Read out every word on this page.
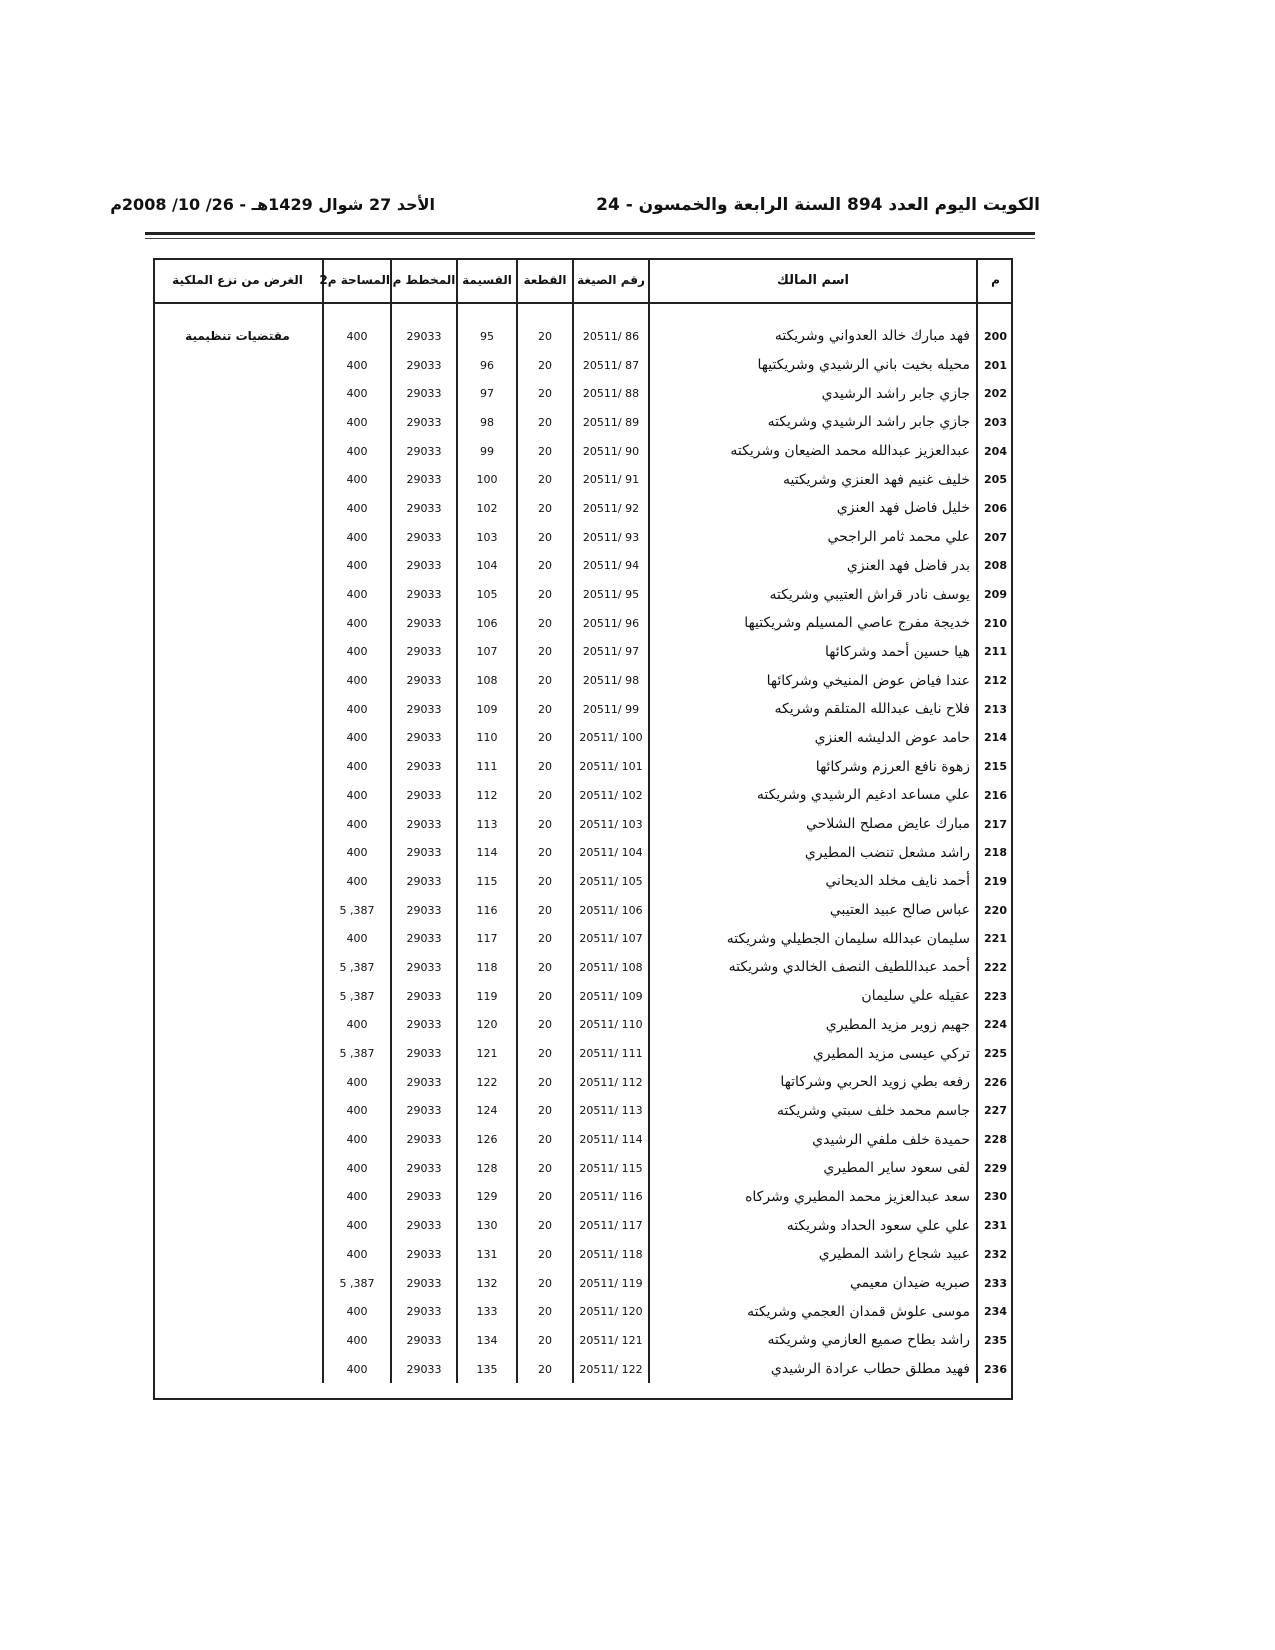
الكويت اليوم العدد 894 السنة الرابعة والخمسون - 24
الأحد 27 شوال 1429هـ - 26/ 10/ 2008م
م	اسم المالك	رقم الصيغة	القطعة	القسيمة	المخطط م	المساحة م2	الغرض من نزع الملكية

200	فهد مبارك خالد العدواني وشريكته	86 /20511	20	95	29033	400	مقتضيات تنظيمية
201	محيله بخيت باني الرشيدي وشريكتيها	87 /20511	20	96	29033	400	
202	جازي جابر راشد الرشيدي	88 /20511	20	97	29033	400	
203	جازي جابر راشد الرشيدي وشريكته	89 /20511	20	98	29033	400	
204	عبدالعزيز عبدالله محمد الضيعان وشريكته	90 /20511	20	99	29033	400	
205	خليف غنيم فهد العنزي وشريكتيه	91 /20511	20	100	29033	400	
206	خليل فاضل فهد العنزي	92 /20511	20	102	29033	400	
207	علي محمد ثامر الراجحي	93 /20511	20	103	29033	400	
208	بدر فاضل فهد العنزي	94 /20511	20	104	29033	400	
209	يوسف نادر قراش العتيبي وشريكته	95 /20511	20	105	29033	400	
210	خديجة مفرج عاصي المسيلم وشريكتيها	96 /20511	20	106	29033	400	
211	هيا حسين أحمد وشركائها	97 /20511	20	107	29033	400	
212	عندا فياض عوض المنيخي وشركائها	98 /20511	20	108	29033	400	
213	فلاح نايف عبدالله المتلقم وشريكه	99 /20511	20	109	29033	400	
214	حامد عوض الدليشه العنزي	100 /20511	20	110	29033	400	
215	زهوة نافع العرزم وشركائها	101 /20511	20	111	29033	400	
216	علي مساعد ادغيم الرشيدي وشريكته	102 /20511	20	112	29033	400	
217	مبارك عايض مصلح الشلاحي	103 /20511	20	113	29033	400	
218	راشد مشعل تنضب المطيري	104 /20511	20	114	29033	400	
219	أحمد نايف مخلد الديحاني	105 /20511	20	115	29033	400	
220	عباس صالح عبيد العتيبي	106 /20511	20	116	29033	387, 5	
221	سليمان عبدالله سليمان الجطيلي وشريكته	107 /20511	20	117	29033	400	
222	أحمد عبداللطيف النصف الخالدي وشريكته	108 /20511	20	118	29033	387, 5	
223	عقيله علي سليمان	109 /20511	20	119	29033	387, 5	
224	جهيم زوير مزيد المطيري	110 /20511	20	120	29033	400	
225	تركي عيسى مزيد المطيري	111 /20511	20	121	29033	387, 5	
226	رفعه بطي زويد الحربي وشركاتها	112 /20511	20	122	29033	400	
227	جاسم محمد خلف سبتي وشريكته	113 /20511	20	124	29033	400	
228	حميدة خلف ملفي الرشيدي	114 /20511	20	126	29033	400	
229	لفى سعود ساير المطيري	115 /20511	20	128	29033	400	
230	سعد عبدالعزيز محمد المطيري وشركاه	116 /20511	20	129	29033	400	
231	علي علي سعود الحداد وشريكته	117 /20511	20	130	29033	400	
232	عبيد شجاع راشد المطيري	118 /20511	20	131	29033	400	
233	صبريه ضيدان معيمي	119 /20511	20	132	29033	387, 5	
234	موسى علوش قمدان العجمي وشريكته	120 /20511	20	133	29033	400	
235	راشد بطاح صميع العازمي وشريكته	121 /20511	20	134	29033	400	
236	فهيد مطلق حطاب عرادة الرشيدي	122 /20511	20	135	29033	400	
